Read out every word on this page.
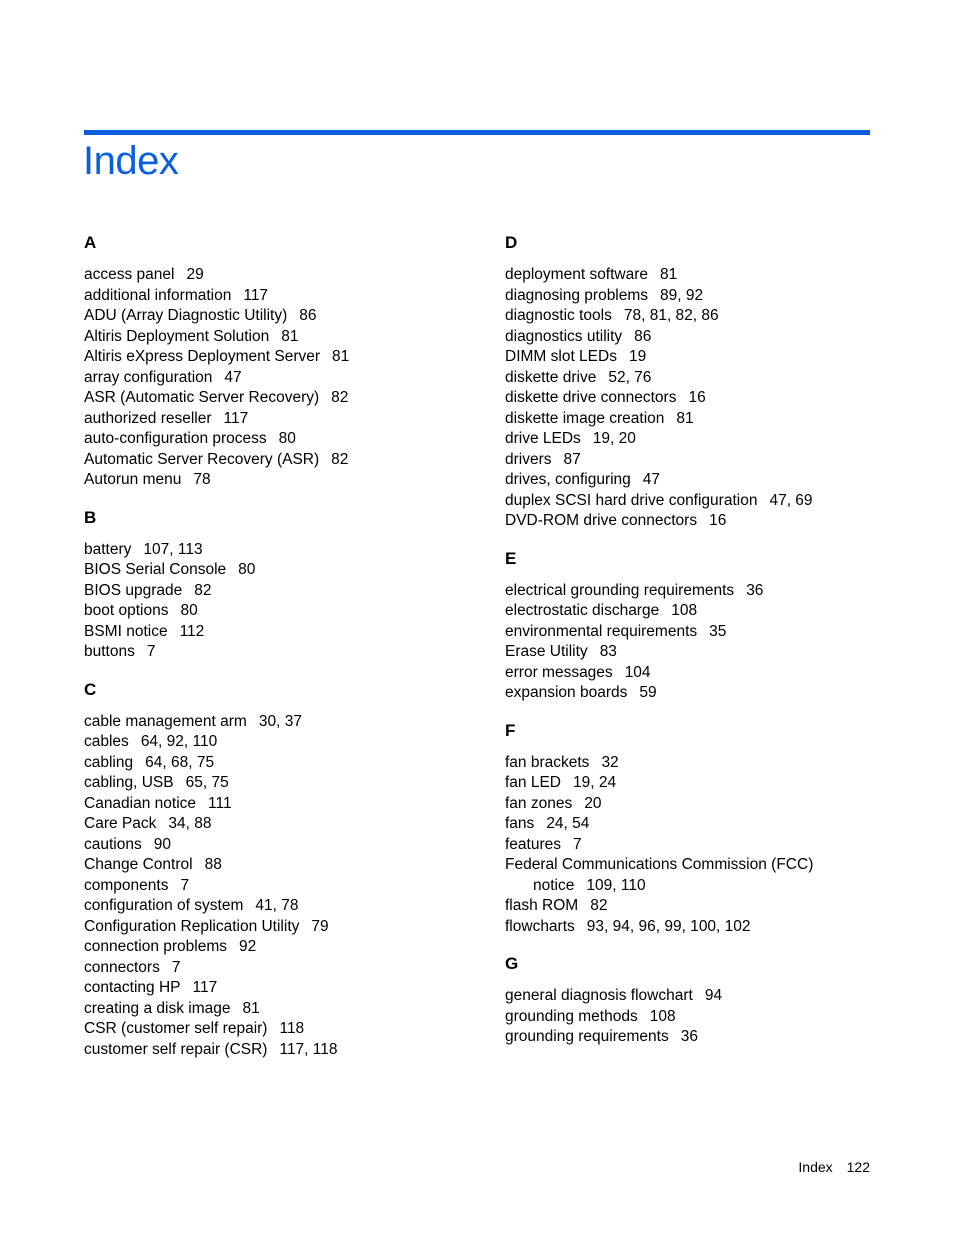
Index
A
access panel 29
additional information 117
ADU (Array Diagnostic Utility) 86
Altiris Deployment Solution 81
Altiris eXpress Deployment Server 81
array configuration 47
ASR (Automatic Server Recovery) 82
authorized reseller 117
auto-configuration process 80
Automatic Server Recovery (ASR) 82
Autorun menu 78
B
battery 107, 113
BIOS Serial Console 80
BIOS upgrade 82
boot options 80
BSMI notice 112
buttons 7
C
cable management arm 30, 37
cables 64, 92, 110
cabling 64, 68, 75
cabling, USB 65, 75
Canadian notice 111
Care Pack 34, 88
cautions 90
Change Control 88
components 7
configuration of system 41, 78
Configuration Replication Utility 79
connection problems 92
connectors 7
contacting HP 117
creating a disk image 81
CSR (customer self repair) 118
customer self repair (CSR) 117, 118
D
deployment software 81
diagnosing problems 89, 92
diagnostic tools 78, 81, 82, 86
diagnostics utility 86
DIMM slot LEDs 19
diskette drive 52, 76
diskette drive connectors 16
diskette image creation 81
drive LEDs 19, 20
drivers 87
drives, configuring 47
duplex SCSI hard drive configuration 47, 69
DVD-ROM drive connectors 16
E
electrical grounding requirements 36
electrostatic discharge 108
environmental requirements 35
Erase Utility 83
error messages 104
expansion boards 59
F
fan brackets 32
fan LED 19, 24
fan zones 20
fans 24, 54
features 7
Federal Communications Commission (FCC)
notice 109, 110
flash ROM 82
flowcharts 93, 94, 96, 99, 100, 102
G
general diagnosis flowchart 94
grounding methods 108
grounding requirements 36
Index 122
